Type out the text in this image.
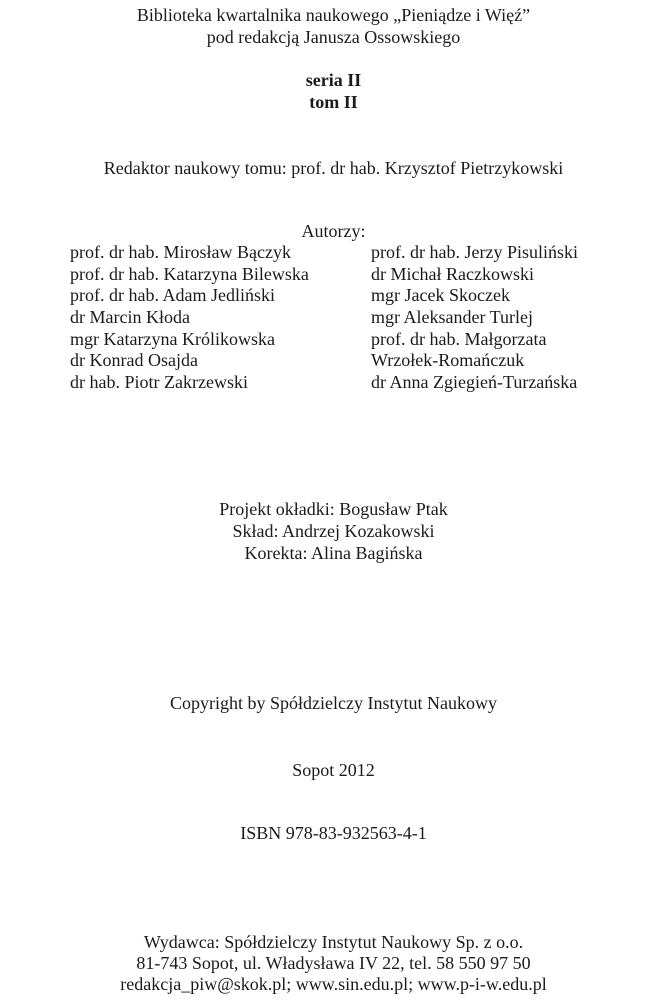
Biblioteka kwartalnika naukowego „Pieniądze i Więź”
pod redakcją Janusza Ossowskiego
seria II
tom II
Redaktor naukowy tomu: prof. dr hab. Krzysztof Pietrzykowski
Autorzy:
prof. dr hab. Mirosław Bączyk
prof. dr hab. Katarzyna Bilewska
prof. dr hab. Adam Jedliński
dr Marcin Kłoda
mgr Katarzyna Królikowska
dr Konrad Osajda
dr hab. Piotr Zakrzewski
prof. dr hab. Jerzy Pisuliński
dr Michał Raczkowski
mgr Jacek Skoczek
mgr Aleksander Turlej
prof. dr hab. Małgorzata
Wrzołek-Romańczuk
dr Anna Zgiegień-Turzańska
Projekt okładki: Bogusław Ptak
Skład: Andrzej Kozakowski
Korekta: Alina Bagińska
Copyright by Spółdzielczy Instytut Naukowy
Sopot 2012
ISBN 978-83-932563-4-1
Wydawca: Spółdzielczy Instytut Naukowy Sp. z o.o.
81-743 Sopot, ul. Władysława IV 22, tel. 58 550 97 50
redakcja_piw@skok.pl; www.sin.edu.pl; www.p-i-w.edu.pl
